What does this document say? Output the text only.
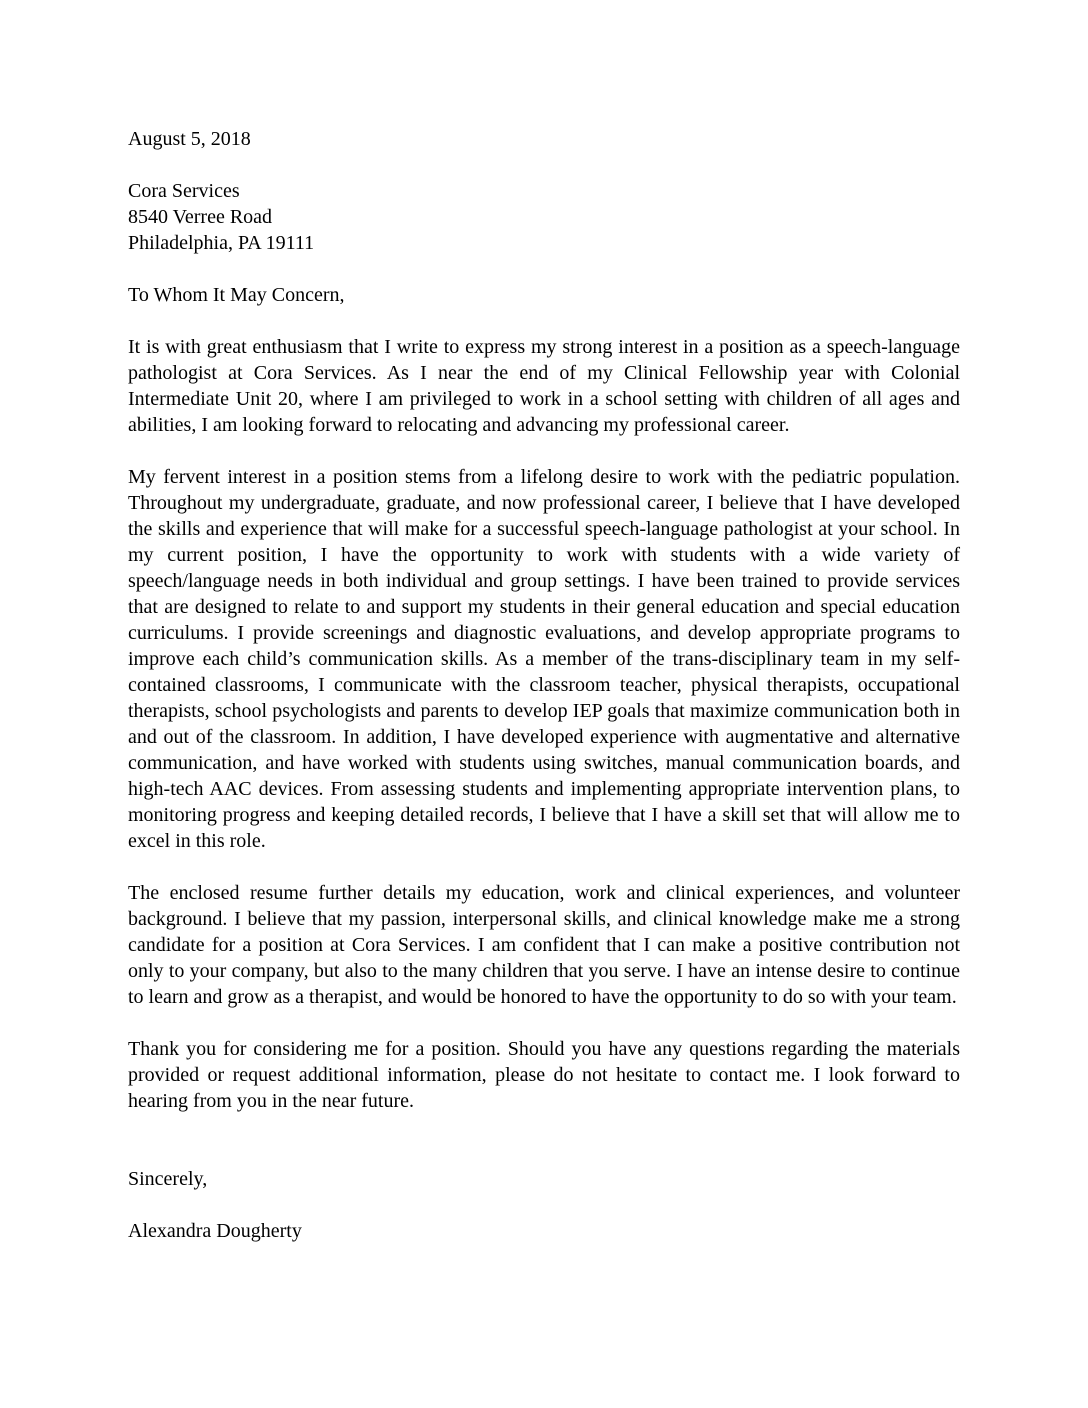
August 5, 2018
Cora Services
8540 Verree Road
Philadelphia, PA 19111
To Whom It May Concern,

It is with great enthusiasm that I write to express my strong interest in a position as a speech-language pathologist at Cora Services. As I near the end of my Clinical Fellowship year with Colonial Intermediate Unit 20, where I am privileged to work in a school setting with children of all ages and abilities, I am looking forward to relocating and advancing my professional career.

My fervent interest in a position stems from a lifelong desire to work with the pediatric population. Throughout my undergraduate, graduate, and now professional career, I believe that I have developed the skills and experience that will make for a successful speech-language pathologist at your school. In my current position, I have the opportunity to work with students with a wide variety of speech/language needs in both individual and group settings. I have been trained to provide services that are designed to relate to and support my students in their general education and special education curriculums. I provide screenings and diagnostic evaluations, and develop appropriate programs to improve each child’s communication skills. As a member of the trans-disciplinary team in my self-contained classrooms, I communicate with the classroom teacher, physical therapists, occupational therapists, school psychologists and parents to develop IEP goals that maximize communication both in and out of the classroom. In addition, I have developed experience with augmentative and alternative communication, and have worked with students using switches, manual communication boards, and high-tech AAC devices. From assessing students and implementing appropriate intervention plans, to monitoring progress and keeping detailed records, I believe that I have a skill set that will allow me to excel in this role.

The enclosed resume further details my education, work and clinical experiences, and volunteer background. I believe that my passion, interpersonal skills, and clinical knowledge make me a strong candidate for a position at Cora Services. I am confident that I can make a positive contribution not only to your company, but also to the many children that you serve. I have an intense desire to continue to learn and grow as a therapist, and would be honored to have the opportunity to do so with your team.

Thank you for considering me for a position. Should you have any questions regarding the materials provided or request additional information, please do not hesitate to contact me. I look forward to hearing from you in the near future.

Sincerely,
Alexandra Dougherty
